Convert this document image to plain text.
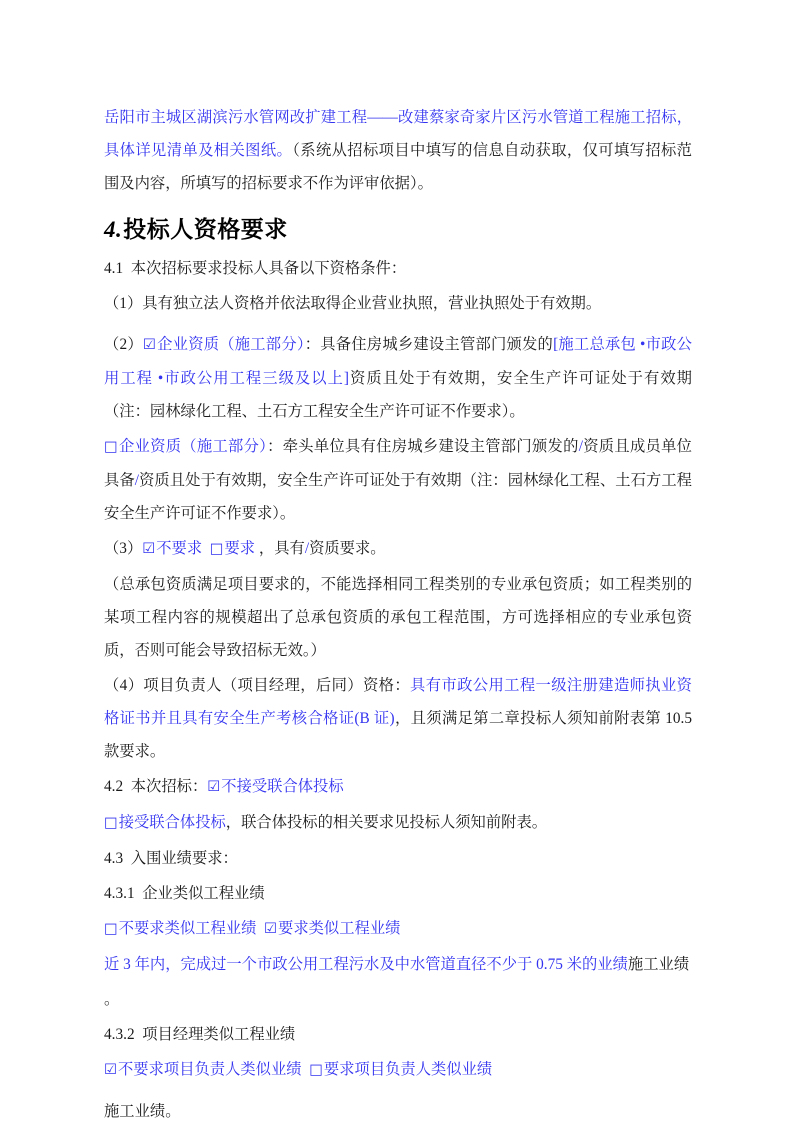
岳阳市主城区湖滨污水管网改扩建工程——改建蔡家奇家片区污水管道工程施工招标，具体详见清单及相关图纸。（系统从招标项目中填写的信息自动获取，仅可填写招标范围及内容，所填写的招标要求不作为评审依据）。

4.投标人资格要求

4.1  本次招标要求投标人具备以下资格条件：

（1）具有独立法人资格并依法取得企业营业执照，营业执照处于有效期。

（2）☑企业资质（施工部分）：具备住房城乡建设主管部门颁发的[施工总承包 •市政公用工程 •市政公用工程三级及以上]资质且处于有效期，安全生产许可证处于有效期（注：园林绿化工程、土石方工程安全生产许可证不作要求）。

□企业资质（施工部分）：牵头单位具有住房城乡建设主管部门颁发的/资质且成员单位具备/资质且处于有效期，安全生产许可证处于有效期（注：园林绿化工程、土石方工程安全生产许可证不作要求）。

（3）☑不要求  □要求 ，具有/资质要求。

（总承包资质满足项目要求的，不能选择相同工程类别的专业承包资质；如工程类别的某项工程内容的规模超出了总承包资质的承包工程范围，方可选择相应的专业承包资质，否则可能会导致招标无效。）

（4）项目负责人（项目经理，后同）资格：具有市政公用工程一级注册建造师执业资格证书并且具有安全生产考核合格证(B 证)，且须满足第二章投标人须知前附表第 10.5 款要求。

4.2  本次招标：☑不接受联合体投标

□接受联合体投标，联合体投标的相关要求见投标人须知前附表。

4.3  入围业绩要求：

4.3.1  企业类似工程业绩

□不要求类似工程业绩  ☑要求类似工程业绩

近 3 年内，完成过一个市政公用工程污水及中水管道直径不少于 0.75 米的业绩施工业绩

。

4.3.2  项目经理类似工程业绩

☑不要求项目负责人类似业绩  □要求项目负责人类似业绩

施工业绩。
